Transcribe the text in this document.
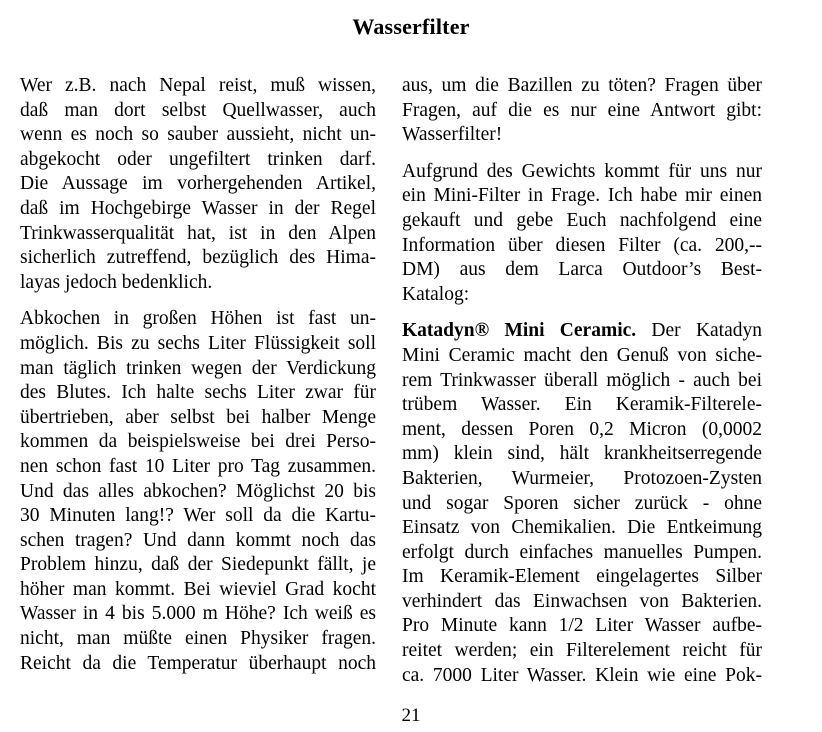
Wasserfilter

Wer z.B. nach Nepal reist, muß wissen,
daß man dort selbst Quellwasser, auch
wenn es noch so sauber aussieht, nicht un-
abgekocht oder ungefiltert trinken darf.
Die Aussage im vorhergehenden Artikel,
daß im Hochgebirge Wasser in der Regel
Trinkwasserqualität hat, ist in den Alpen
sicherlich zutreffend, bezüglich des Hima-
layas jedoch bedenklich.

Abkochen in großen Höhen ist fast un-
möglich. Bis zu sechs Liter Flüssigkeit soll
man täglich trinken wegen der Verdickung
des Blutes. Ich halte sechs Liter zwar für
übertrieben, aber selbst bei halber Menge
kommen da beispielsweise bei drei Perso-
nen schon fast 10 Liter pro Tag zusammen.
Und das alles abkochen? Möglichst 20 bis
30 Minuten lang!? Wer soll da die Kartu-
schen tragen? Und dann kommt noch das
Problem hinzu, daß der Siedepunkt fällt, je
höher man kommt. Bei wieviel Grad kocht
Wasser in 4 bis 5.000 m Höhe? Ich weiß es
nicht, man müßte einen Physiker fragen.
Reicht da die Temperatur überhaupt noch

aus, um die Bazillen zu töten? Fragen über
Fragen, auf die es nur eine Antwort gibt:
Wasserfilter!

Aufgrund des Gewichts kommt für uns nur
ein Mini-Filter in Frage. Ich habe mir einen
gekauft und gebe Euch nachfolgend eine
Information über diesen Filter (ca. 200,--
DM) aus dem Larca Outdoor’s Best-
Katalog:

Katadyn® Mini Ceramic. Der Katadyn
Mini Ceramic macht den Genuß von siche-
rem Trinkwasser überall möglich - auch bei
trübem Wasser. Ein Keramik-Filterele-
ment, dessen Poren 0,2 Micron (0,0002
mm) klein sind, hält krankheitserregende
Bakterien, Wurmeier, Protozoen-Zysten
und sogar Sporen sicher zurück - ohne
Einsatz von Chemikalien. Die Entkeimung
erfolgt durch einfaches manuelles Pumpen.
Im Keramik-Element eingelagertes Silber
verhindert das Einwachsen von Bakterien.
Pro Minute kann 1/2 Liter Wasser aufbe-
reitet werden; ein Filterelement reicht für
ca. 7000 Liter Wasser. Klein wie eine Pok-

21
